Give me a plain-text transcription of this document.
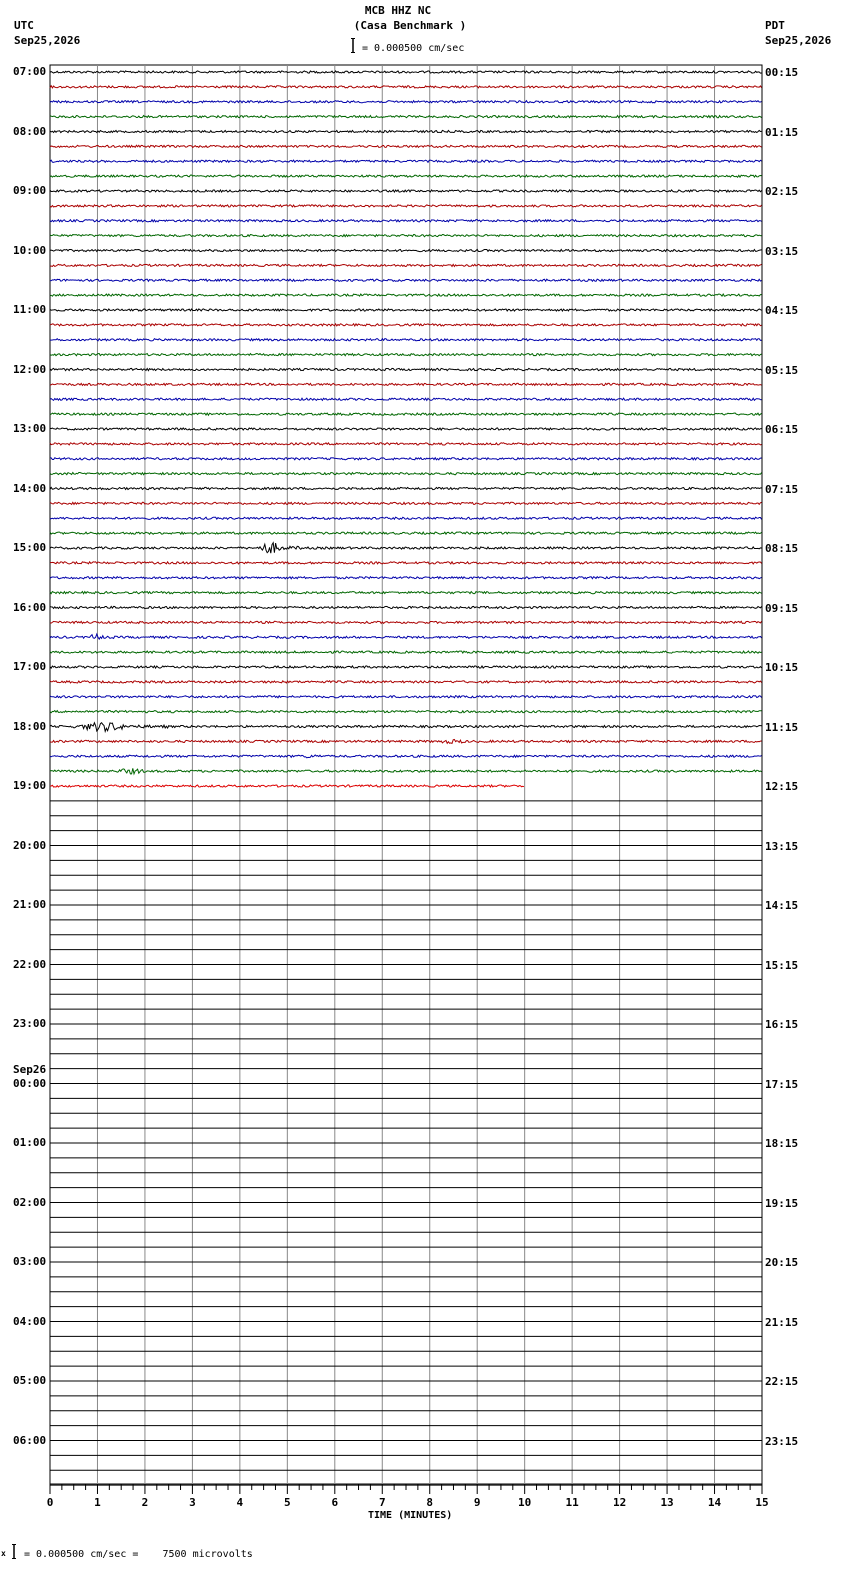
MCB HHZ NC
(Casa Benchmark )
= 0.000500 cm/sec
UTC
Sep25,2026
PDT
Sep25,2026
07:00
08:00
09:00
10:00
11:00
12:00
13:00
14:00
15:00
16:00
17:00
18:00
19:00
20:00
21:00
22:00
23:00
00:00
Sep26
01:00
02:00
03:00
04:00
05:00
06:00
00:15
01:15
02:15
03:15
04:15
05:15
06:15
07:15
08:15
09:15
10:15
11:15
12:15
13:15
14:15
15:15
16:15
17:15
18:15
19:15
20:15
21:15
22:15
23:15
0	1	2	3	4	5	6	7	8	9	10	11	12	13	14	15
TIME (MINUTES)
x = 0.000500 cm/sec =    7500 microvolts
